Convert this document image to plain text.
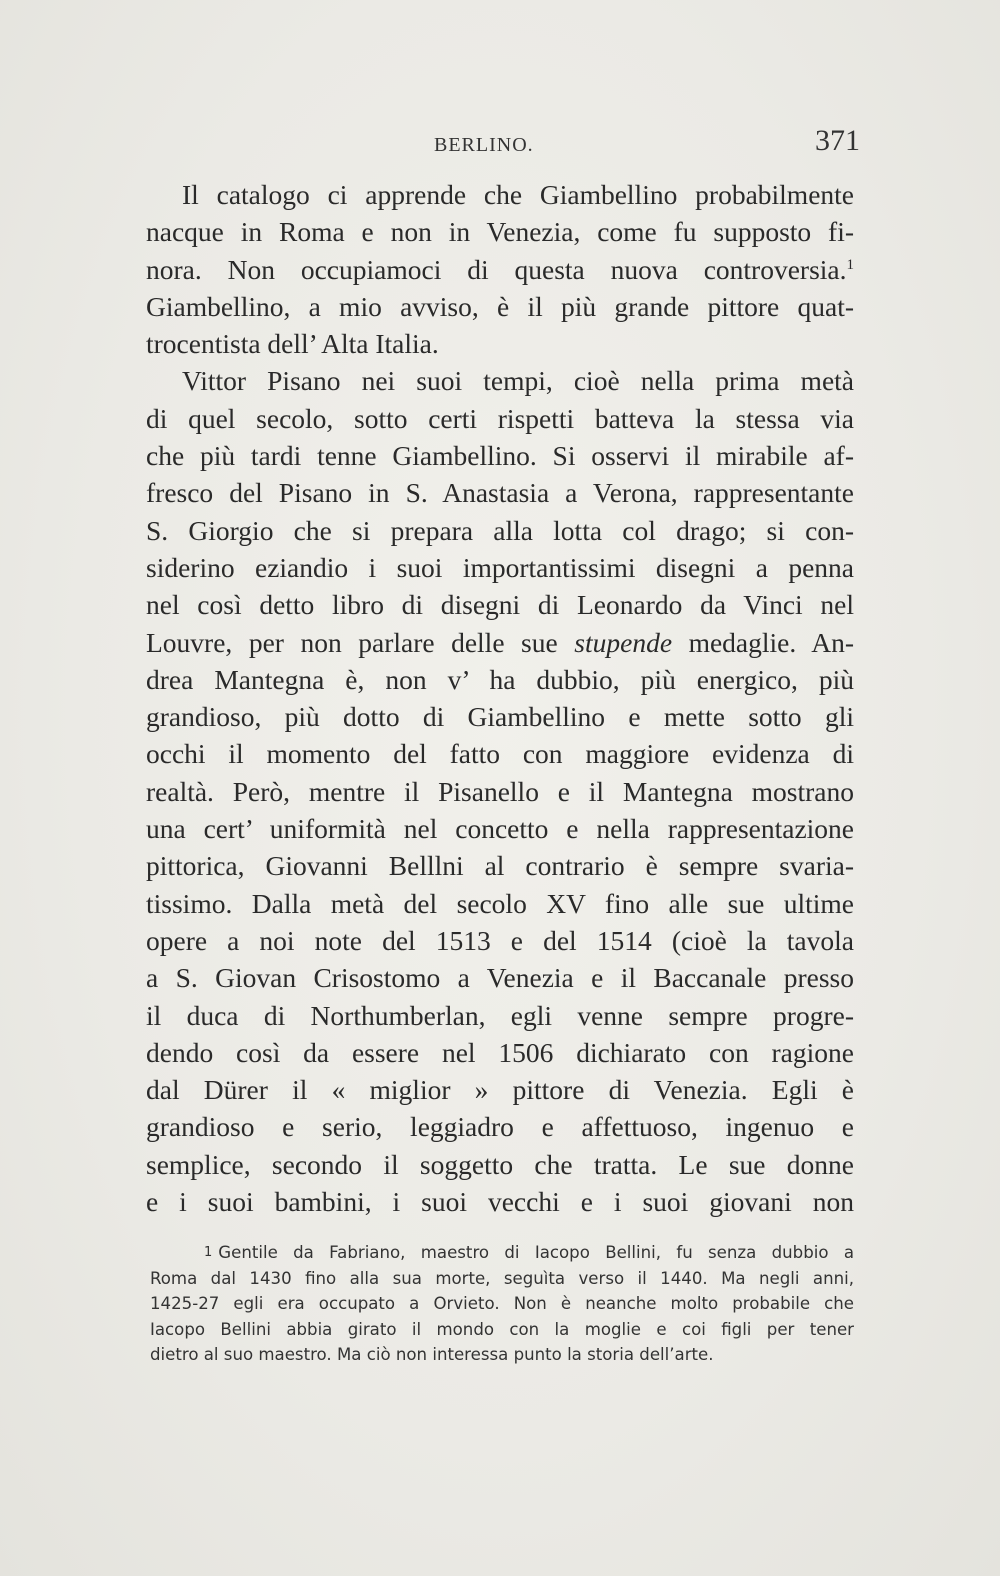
BERLINO.	371
Il catalogo ci apprende che Giambellino probabilmente
nacque in Roma e non in Venezia, come fu supposto fi-
nora. Non occupiamoci di questa nuova controversia.$^1$
Giambellino, a mio avviso, è il più grande pittore quat-
trocentista dell’ Alta Italia.
Vittor Pisano nei suoi tempi, cioè nella prima metà
di quel secolo, sotto certi rispetti batteva la stessa via
che più tardi tenne Giambellino. Si osservi il mirabile af-
fresco del Pisano in S. Anastasia a Verona, rappresentante
S. Giorgio che si prepara alla lotta col drago; si con-
siderino eziandio i suoi importantissimi disegni a penna
nel così detto libro di disegni di Leonardo da Vinci nel
Louvre, per non parlare delle sue stupende medaglie. An-
drea Mantegna è, non v’ ha dubbio, più energico, più
grandioso, più dotto di Giambellino e mette sotto gli
occhi il momento del fatto con maggiore evidenza di
realtà. Però, mentre il Pisanello e il Mantegna mostrano
una cert’ uniformità nel concetto e nella rappresentazione
pittorica, Giovanni Belllni al contrario è sempre svaria-
tissimo. Dalla metà del secolo XV fino alle sue ultime
opere a noi note del 1513 e del 1514 (cioè la tavola
a S. Giovan Crisostomo a Venezia e il Baccanale presso
il duca di Northumberlan, egli venne sempre progre-
dendo così da essere nel 1506 dichiarato con ragione
dal Dürer il « miglior » pittore di Venezia. Egli è
grandioso e serio, leggiadro e affettuoso, ingenuo e
semplice, secondo il soggetto che tratta. Le sue donne
e i suoi bambini, i suoi vecchi e i suoi giovani non
$^1$ Gentile da Fabriano, maestro di Iacopo Bellini, fu senza dubbio a
Roma dal 1430 fino alla sua morte, seguìta verso il 1440. Ma negli anni,
1425-27 egli era occupato a Orvieto. Non è neanche molto probabile che
Iacopo Bellini abbia girato il mondo con la moglie e coi figli per tener
dietro al suo maestro. Ma ciò non interessa punto la storia dell’arte.
